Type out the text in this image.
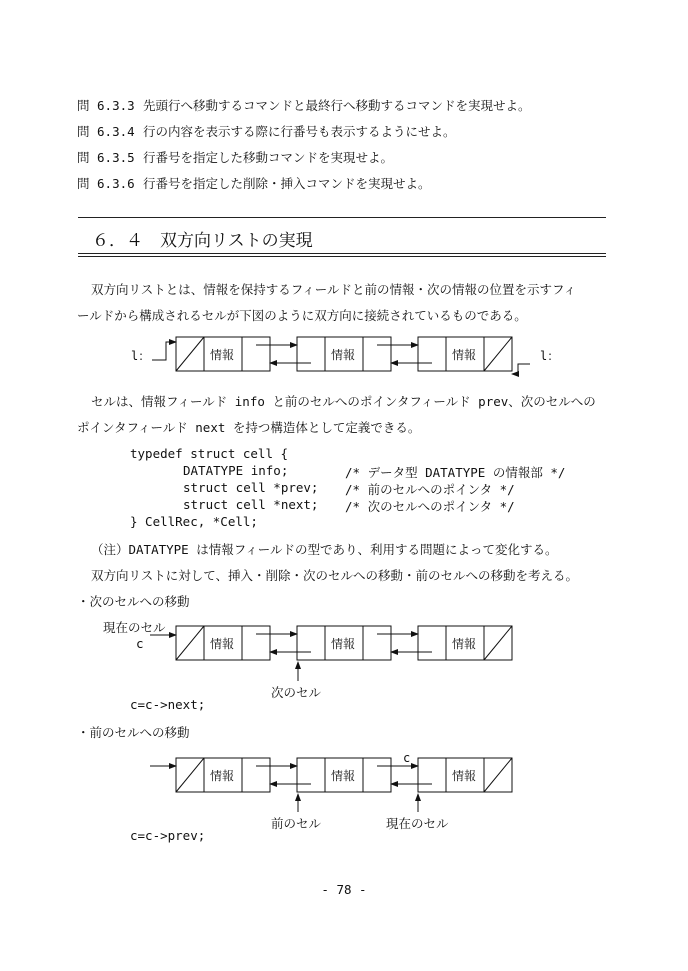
問 6.3.3 先頭行へ移動するコマンドと最終行へ移動するコマンドを実現せよ。
問 6.3.4 行の内容を表示する際に行番号も表示するようにせよ。
問 6.3.5 行番号を指定した移動コマンドを実現せよ。
問 6.3.6 行番号を指定した削除・挿入コマンドを実現せよ。
６．４　双方向リストの実現
双方向リストとは、情報を保持するフィールドと前の情報・次の情報の位置を示すフィ
ールドから構成されるセルが下図のように双方向に接続されているものである。
l：	l：
情報	情報	情報
セルは、情報フィールド info と前のセルへのポインタフィールド prev、次のセルへの
ポインタフィールド next を持つ構造体として定義できる。
typedef struct cell {
DATATYPE info;	/* データ型 DATATYPE の情報部 */
struct cell *prev; /* 前のセルへのポインタ */
struct cell *next; /* 次のセルへのポインタ */
} CellRec, *Cell;
（注）DATATYPE は情報フィールドの型であり、利用する問題によって変化する。
双方向リストに対して、挿入・削除・次のセルへの移動・前のセルへの移動を考える。
・次のセルへの移動
現在のセル
c	情報	情報	情報
次のセル
c=c->next;
・前のセルへの移動
c
情報	情報	情報
前のセル	現在のセル
c=c->prev;
- 78 -
